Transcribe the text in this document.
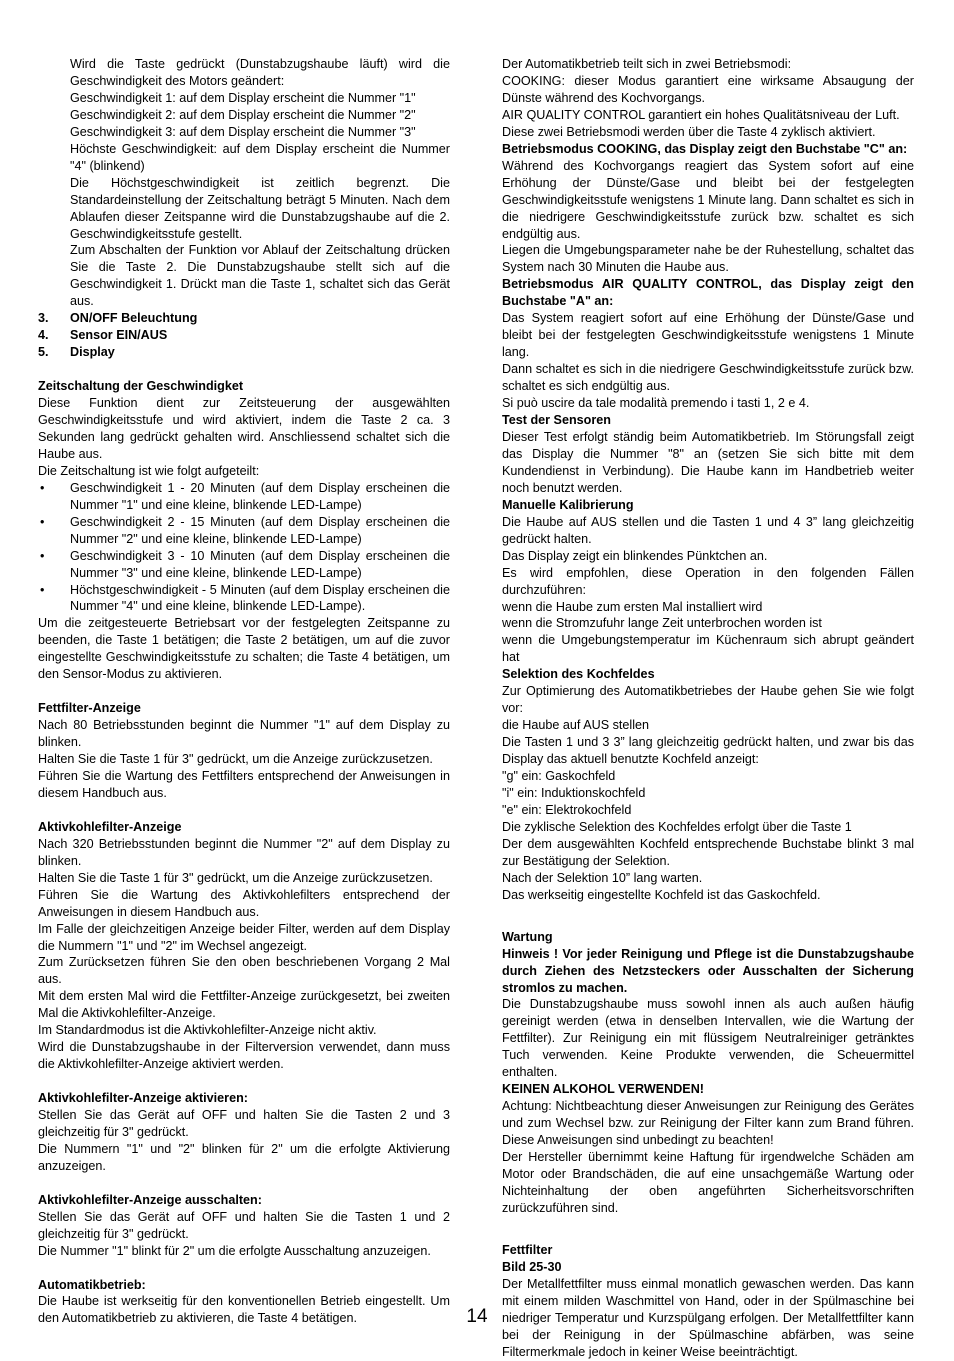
Wird die Taste gedrückt (Dunstabzugshaube läuft) wird die Geschwindigkeit des Motors geändert:

Geschwindigkeit 1: auf dem Display erscheint die Nummer "1"

Geschwindigkeit 2: auf dem Display erscheint die Nummer "2"

Geschwindigkeit 3: auf dem Display erscheint die Nummer "3"

Höchste Geschwindigkeit: auf dem Display erscheint die Nummer "4" (blinkend)

Die Höchstgeschwindigkeit ist zeitlich begrenzt. Die Standardeinstellung der Zeitschaltung beträgt 5 Minuten. Nach dem Ablaufen dieser Zeitspanne wird die Dunstabzugshaube auf die 2. Geschwindigkeitsstufe gestellt.

Zum Abschalten der Funktion vor Ablauf der Zeitschaltung drücken Sie die Taste 2. Die Dunstabzugshaube stellt sich auf die Geschwindigkeit 1. Drückt man die Taste 1, schaltet sich das Gerät aus.

3. ON/OFF Beleuchtung

4. Sensor EIN/AUS

5. Display

Zeitschaltung der Geschwindigket

Diese Funktion dient zur Zeitsteuerung der ausgewählten Geschwindigkeitsstufe und wird aktiviert, indem die Taste 2 ca. 3 Sekunden lang gedrückt gehalten wird. Anschliessend schaltet sich die Haube aus.

Die Zeitschaltung ist wie folgt aufgeteilt:

• Geschwindigkeit 1 - 20 Minuten (auf dem Display erscheinen die Nummer "1" und eine kleine, blinkende LED-Lampe)

• Geschwindigkeit 2 - 15 Minuten (auf dem Display erscheinen die Nummer "2" und eine kleine, blinkende LED-Lampe)

• Geschwindigkeit 3 - 10 Minuten (auf dem Display erscheinen die Nummer "3" und eine kleine, blinkende LED-Lampe)

• Höchstgeschwindigkeit - 5 Minuten (auf dem Display erscheinen die Nummer "4" und eine kleine, blinkende LED-Lampe).

Um die zeitgesteuerte Betriebsart vor der festgelegten Zeitspanne zu beenden, die Taste 1 betätigen; die Taste 2 betätigen, um auf die zuvor eingestellte Geschwindigkeitsstufe zu schalten; die Taste 4 betätigen, um den Sensor-Modus zu aktivieren.

Fettfilter-Anzeige

Nach 80 Betriebsstunden beginnt die Nummer "1" auf dem Display zu blinken.

Halten Sie die Taste 1 für 3" gedrückt, um die Anzeige zurückzusetzen.

Führen Sie die Wartung des Fettfilters entsprechend der Anweisungen in diesem Handbuch aus.

Aktivkohlefilter-Anzeige

Nach 320 Betriebsstunden beginnt die Nummer "2" auf dem Display zu blinken.

Halten Sie die Taste 1 für 3" gedrückt, um die Anzeige zurückzusetzen.

Führen Sie die Wartung des Aktivkohlefilters entsprechend der Anweisungen in diesem Handbuch aus.

Im Falle der gleichzeitigen Anzeige beider Filter, werden auf dem Display die Nummern "1" und "2" im Wechsel angezeigt.

Zum Zurücksetzen führen Sie den oben beschriebenen Vorgang 2 Mal aus.

Mit dem ersten Mal wird die Fettfilter-Anzeige zurückgesetzt, bei zweiten Mal die Aktivkohlefilter-Anzeige.

Im Standardmodus ist die Aktivkohlefilter-Anzeige nicht aktiv.

Wird die Dunstabzugshaube in der Filterversion verwendet, dann muss die Aktivkohlefilter-Anzeige aktiviert werden.

Aktivkohlefilter-Anzeige aktivieren:

Stellen Sie das Gerät auf OFF und halten Sie die Tasten 2 und 3 gleichzeitig für 3" gedrückt.

Die Nummern "1" und "2" blinken für 2" um die erfolgte Aktivierung anzuzeigen.

Aktivkohlefilter-Anzeige ausschalten:

Stellen Sie das Gerät auf OFF und halten Sie die Tasten 1 und 2 gleichzeitig für 3" gedrückt.

Die Nummer "1" blinkt für 2" um die erfolgte Ausschaltung anzuzeigen.

Automatikbetrieb:

Die Haube ist werkseitig für den konventionellen Betrieb eingestellt. Um den Automatikbetrieb zu aktivieren, die Taste 4 betätigen.

Der Automatikbetrieb teilt sich in zwei Betriebsmodi:

COOKING: dieser Modus garantiert eine wirksame Absaugung der Dünste während des Kochvorgangs.

AIR QUALITY CONTROL garantiert ein hohes Qualitätsniveau der Luft.

Diese zwei Betriebsmodi werden über die Taste 4 zyklisch aktiviert.

Betriebsmodus COOKING, das Display zeigt den Buchstabe "C" an:

Während des Kochvorgangs reagiert das System sofort auf eine Erhöhung der Dünste/Gase und bleibt bei der festgelegten Geschwindigkeitsstufe wenigstens 1 Minute lang. Dann schaltet es sich in die niedrigere Geschwindigkeitsstufe zurück bzw. schaltet es sich endgültig aus.

Liegen die Umgebungsparameter nahe be der Ruhestellung, schaltet das System nach 30 Minuten die Haube aus.

Betriebsmodus AIR QUALITY CONTROL, das Display zeigt den Buchstabe "A" an:

Das System reagiert sofort auf eine Erhöhung der Dünste/Gase und bleibt bei der festgelegten Geschwindigkeitsstufe wenigstens 1 Minute lang.

Dann schaltet es sich in die niedrigere Geschwindigkeitsstufe zurück bzw. schaltet es sich endgültig aus.

Si può uscire da tale modalità premendo i tasti 1, 2 e 4.

Test der Sensoren

Dieser Test erfolgt ständig beim Automatikbetrieb. Im Störungsfall zeigt das Display die Nummer "8" an (setzen Sie sich bitte mit dem Kundendienst in Verbindung). Die Haube kann im Handbetrieb weiter noch benutzt werden.

Manuelle Kalibrierung

Die Haube auf AUS stellen und die Tasten 1 und 4 3” lang gleichzeitig gedrückt halten.

Das Display zeigt ein blinkendes Pünktchen an.

Es wird empfohlen, diese Operation in den folgenden Fällen durchzuführen:

wenn die Haube zum ersten Mal installiert wird

wenn die Stromzufuhr lange Zeit unterbrochen worden ist

wenn die Umgebungstemperatur im Küchenraum sich abrupt geändert hat

Selektion des Kochfeldes

Zur Optimierung des Automatikbetriebes der Haube gehen Sie wie folgt vor:

die Haube auf AUS stellen

Die Tasten 1 und 3 3” lang gleichzeitig gedrückt halten, und zwar bis das Display das aktuell benutzte Kochfeld anzeigt:

"g" ein: Gaskochfeld

"i" ein: Induktionskochfeld

"e" ein: Elektrokochfeld

Die zyklische Selektion des Kochfeldes erfolgt über die Taste 1

Der dem ausgewählten Kochfeld entsprechende Buchstabe blinkt 3 mal zur Bestätigung der Selektion.

Nach der Selektion 10” lang warten.

Das werkseitig eingestellte Kochfeld ist das Gaskochfeld.

Wartung

Hinweis ! Vor jeder Reinigung und Pflege ist die Dunstabzugshaube durch Ziehen des Netzsteckers oder Ausschalten der Sicherung stromlos zu machen.

Die Dunstabzugshaube muss sowohl innen als auch außen häufig gereinigt werden (etwa in denselben Intervallen, wie die Wartung der Fettfilter). Zur Reinigung ein mit flüssigem Neutralreiniger getränktes Tuch verwenden. Keine Produkte verwenden, die Scheuermittel enthalten.

KEINEN ALKOHOL VERWENDEN!

Achtung: Nichtbeachtung dieser Anweisungen zur Reinigung des Gerätes und zum Wechsel bzw. zur Reinigung der Filter kann zum Brand führen. Diese Anweisungen sind unbedingt zu beachten!

Der Hersteller übernimmt keine Haftung für irgendwelche Schäden am Motor oder Brandschäden, die auf eine unsachgemäße Wartung oder Nichteinhaltung der oben angeführten Sicherheitsvorschriften zurückzuführen sind.

Fettfilter

Bild 25-30

Der Metallfettfilter muss einmal monatlich gewaschen werden. Das kann mit einem milden Waschmittel von Hand, oder in der Spülmaschine bei niedriger Temperatur und Kurzspülgang erfolgen. Der Metallfettfilter kann bei der Reinigung in der Spülmaschine abfärben, was seine Filtermerkmale jedoch in keiner Weise beeinträchtigt.

14
